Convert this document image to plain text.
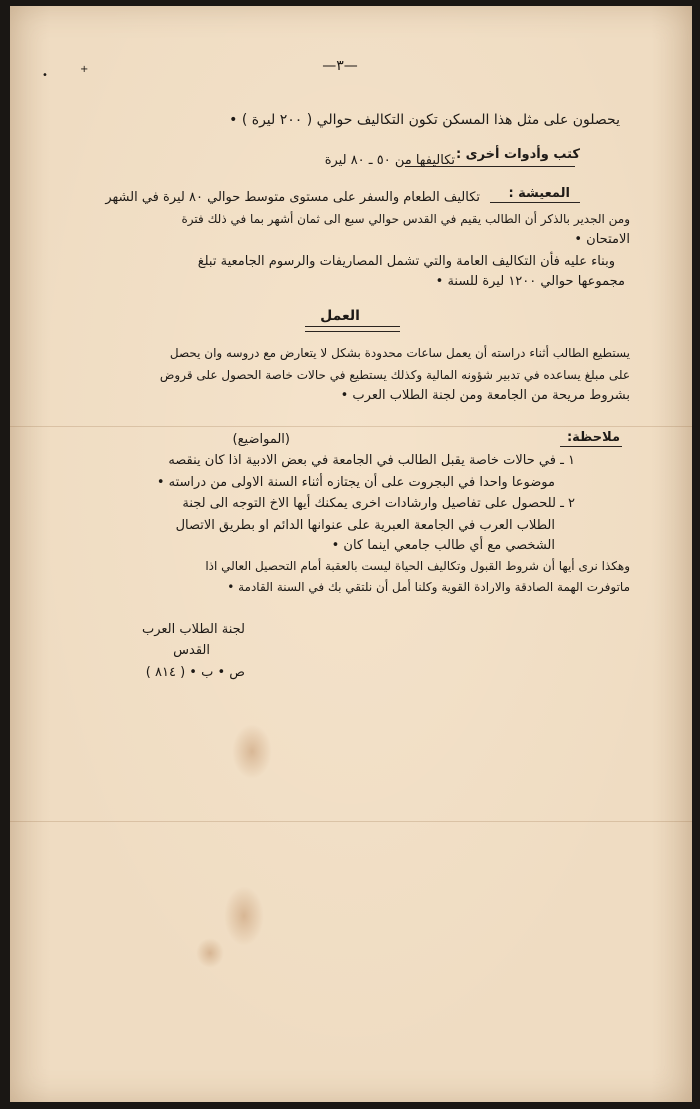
•
+	—٣—
يحصلون على مثل هذا المسكن تكون التكاليف حوالي ( ٢٠٠ ليرة ) •
كتب وأدوات أخرى :
تكاليفها من ٥٠ ـ ٨٠ ليرة
المعيشة :
تكاليف الطعام والسفر على مستوى متوسط حوالي ٨٠ ليرة في الشهر
ومن الجدير بالذكر أن الطالب يقيم في القدس حوالي سبع الى ثمان أشهر بما في ذلك فترة
الامتحان •
وبناء عليه فأن التكاليف العامة والتي تشمل المصاريفات والرسوم الجامعية تبلغ
مجموعها حوالي ١٢٠٠ ليرة للسنة •
العمل
يستطيع الطالب أثناء دراسته أن يعمل ساعات محدودة بشكل لا يتعارض مع دروسه وان يحصل
على مبلغ يساعده في تدبير شؤونه المالية وكذلك يستطيع في حالات خاصة الحصول على قروض
بشروط مريحة من الجامعة ومن لجنة الطلاب العرب •
ملاحظة:
(المواضيع)
١ ـ في حالات خاصة يقبل الطالب في الجامعة في بعض الادبية اذا كان ينقصه
موضوعا واحدا في البجروت على أن يجتازه أثناء السنة الاولى من دراسته •
٢ ـ للحصول على تفاصيل وارشادات اخرى يمكنك أيها الاخ التوجه الى لجنة
الطلاب العرب في الجامعة العبرية على عنوانها الدائم او بطريق الاتصال
الشخصي مع أي طالب جامعي اينما كان •
وهكذا نرى أيها أن شروط القبول وتكاليف الحياة ليست بالعقبة أمام التحصيل العالي اذا
ماتوفرت الهمة الصادقة والارادة القوية وكلنا أمل أن نلتقي بك في السنة القادمة •
لجنة الطلاب العرب
القدس
ص • ب • ( ٨١٤ )
